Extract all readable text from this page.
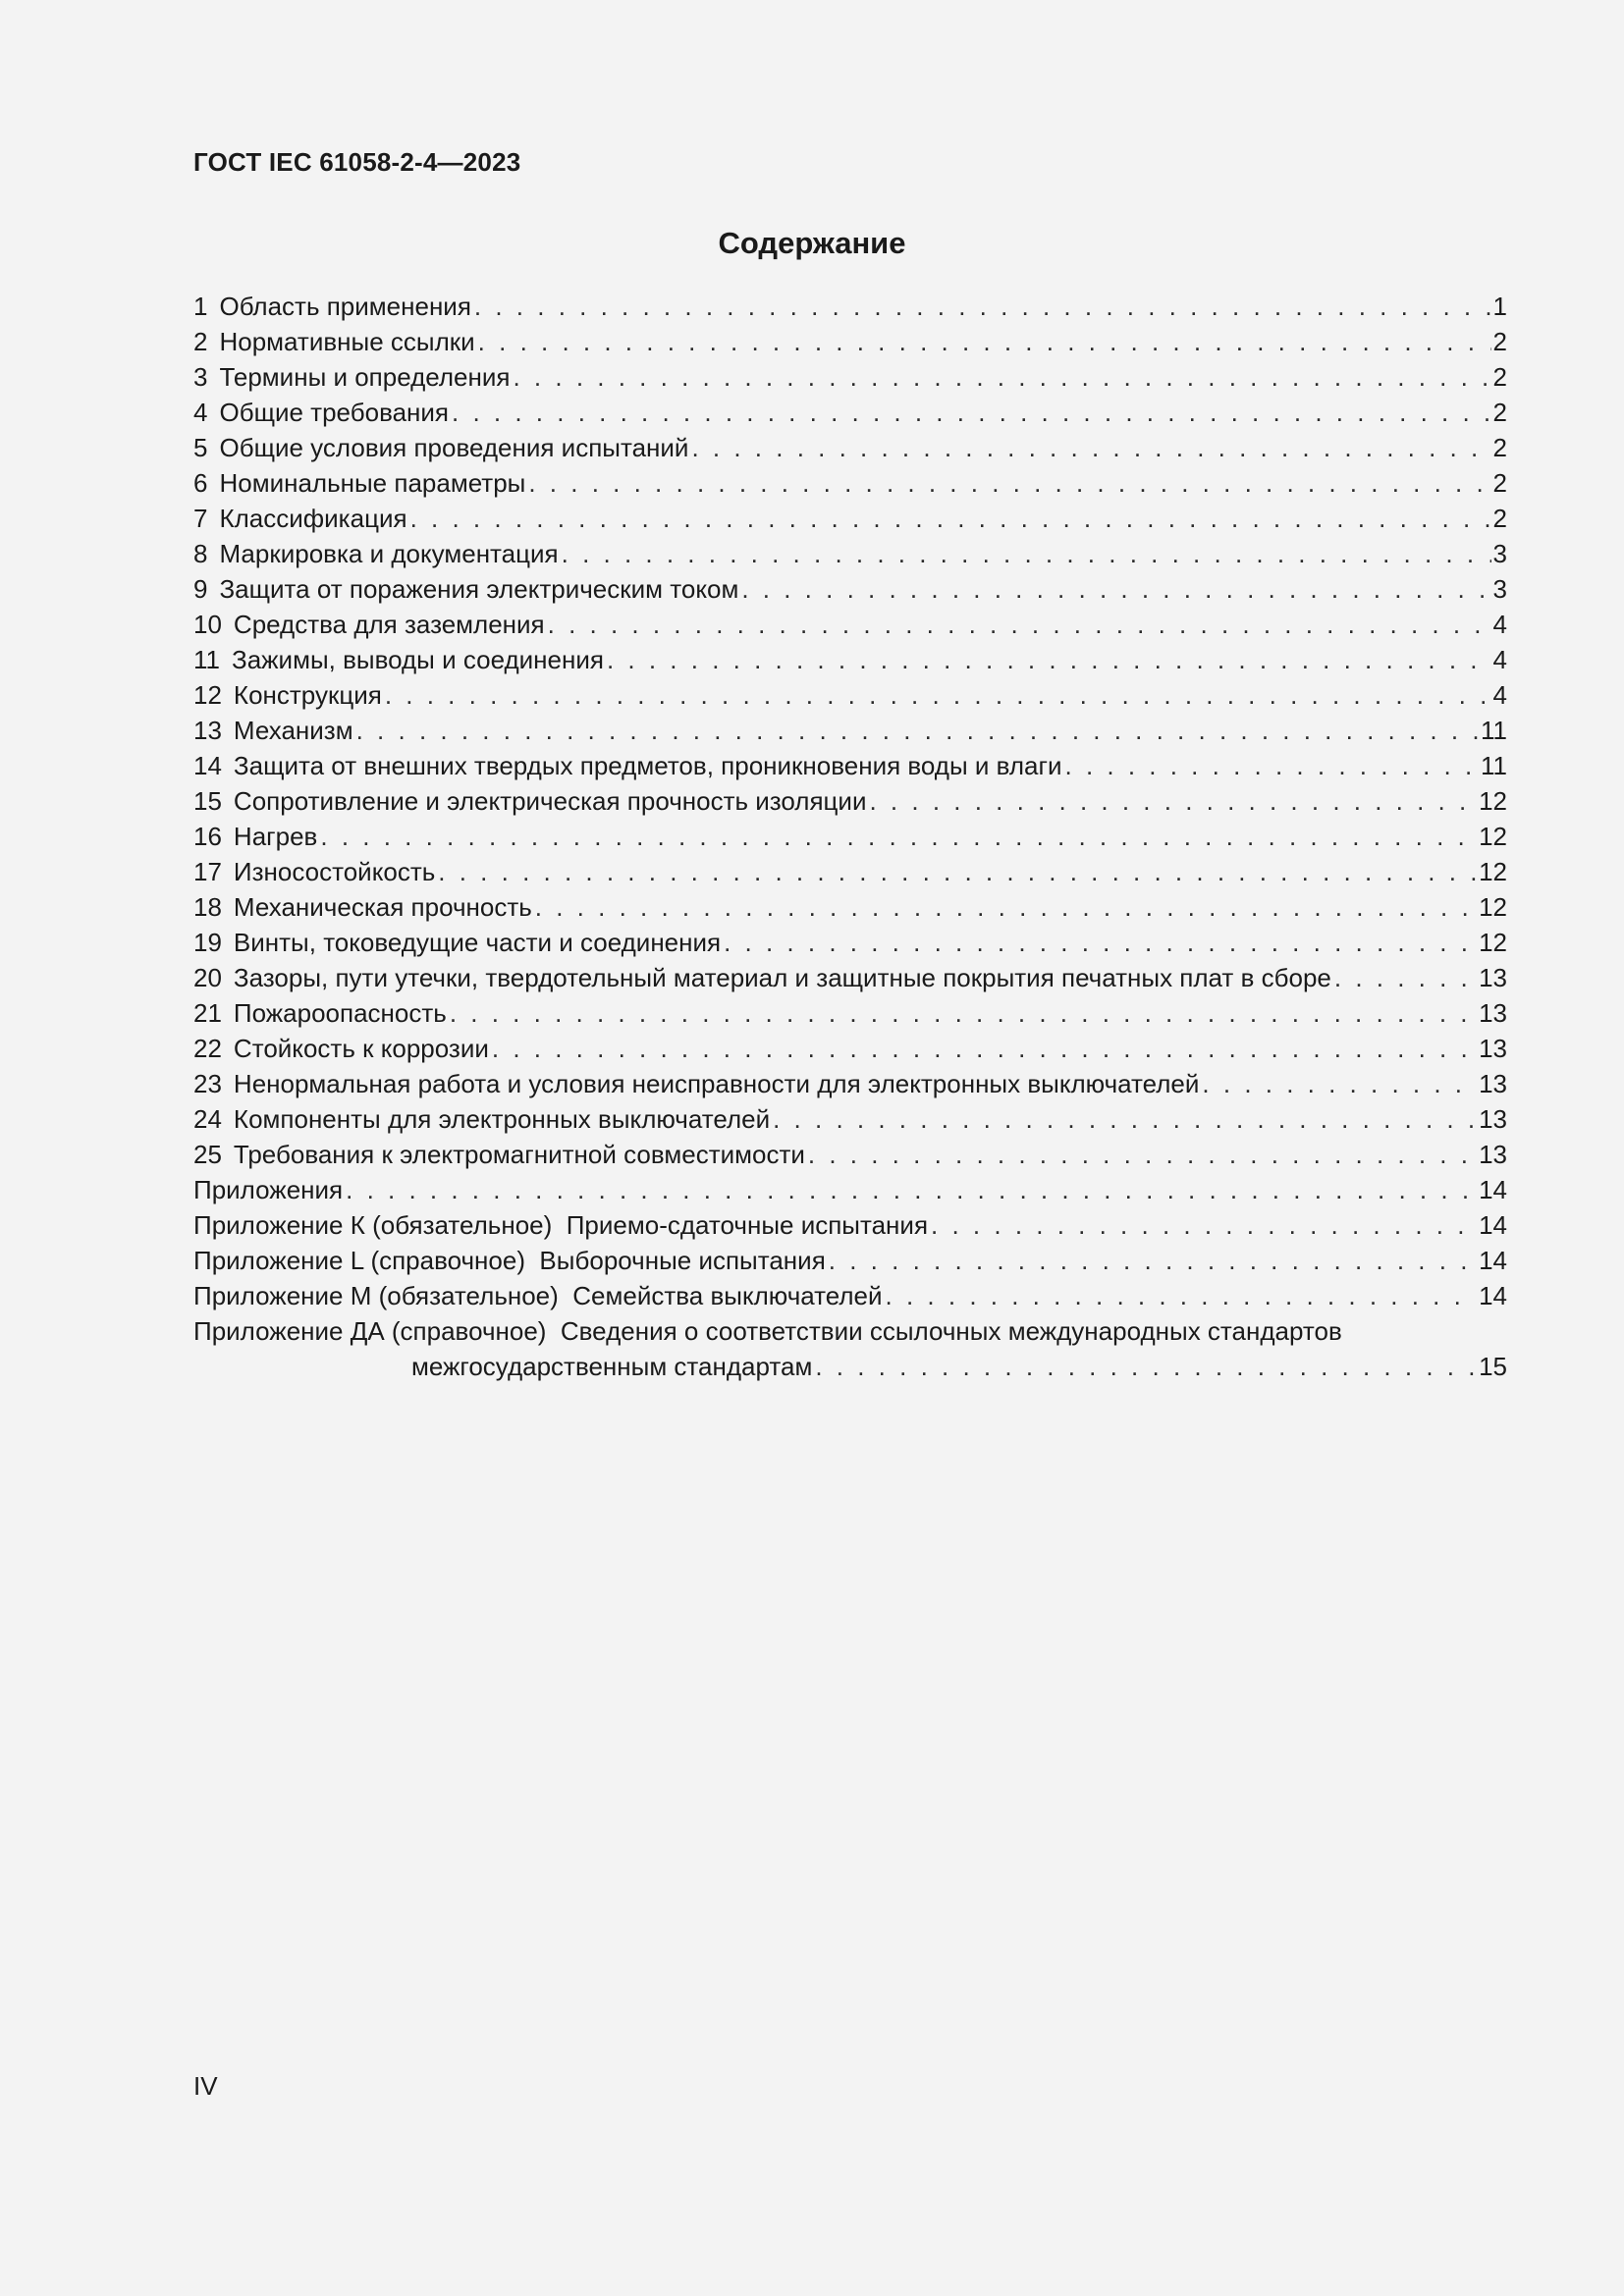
ГОСТ IEC 61058-2-4—2023
Содержание
1 Область применения . . .	1
2 Нормативные ссылки . . .	2
3 Термины и определения . . .	2
4 Общие требования . . .	2
5 Общие условия проведения испытаний . . .	2
6 Номинальные параметры . . .	2
7 Классификация . . .	2
8 Маркировка и документация . . .	3
9 Защита от поражения электрическим током . . .	3
10 Средства для заземления . . .	4
11 Зажимы, выводы и соединения . . .	4
12 Конструкция . . .	4
13 Механизм . . .	11
14 Защита от внешних твердых предметов, проникновения воды и влаги . . .	11
15 Сопротивление и электрическая прочность изоляции . . .	12
16 Нагрев . . .	12
17 Износостойкость . . .	12
18 Механическая прочность . . .	12
19 Винты, токоведущие части и соединения . . .	12
20 Зазоры, пути утечки, твердотельный материал и защитные покрытия печатных плат в сборе . . .	13
21 Пожароопасность . . .	13
22 Стойкость к коррозии . . .	13
23 Ненормальная работа и условия неисправности для электронных выключателей . . .	13
24 Компоненты для электронных выключателей . . .	13
25 Требования к электромагнитной совместимости . . .	13
Приложения . . .	14
Приложение К (обязательное)  Приемо-сдаточные испытания . . .	14
Приложение L (справочное)  Выборочные испытания . . .	14
Приложение М (обязательное)  Семейства выключателей . . .	14
Приложение ДА (справочное)  Сведения о соответствии ссылочных международных стандартов
межгосударственным стандартам . . .	15
IV
